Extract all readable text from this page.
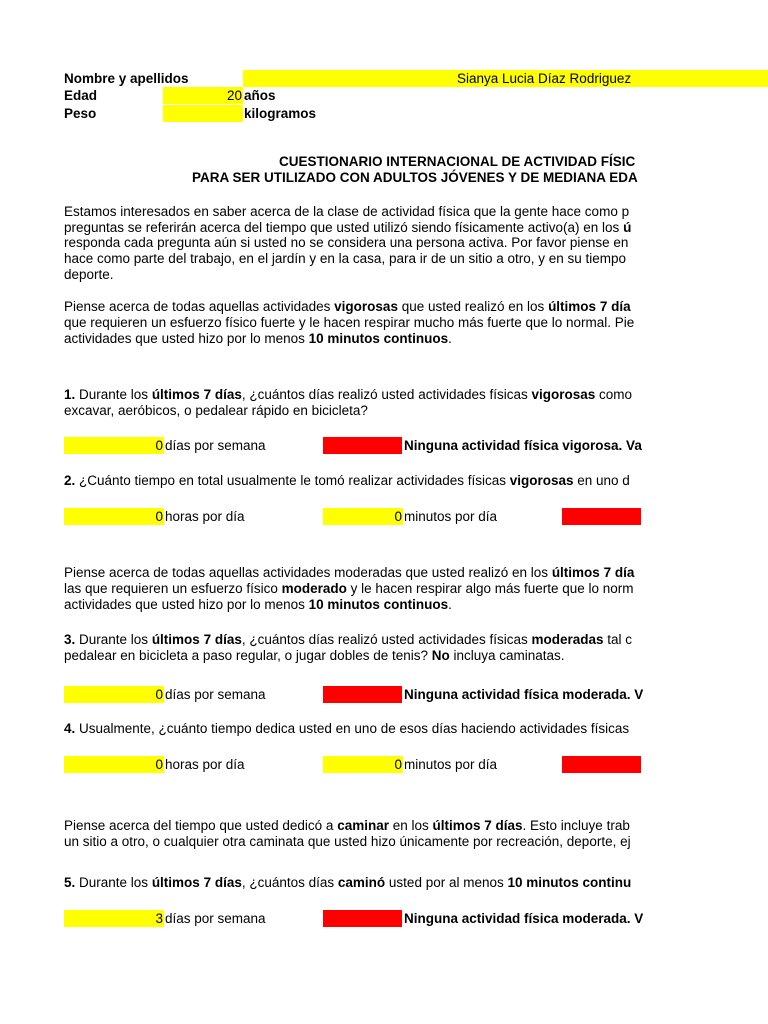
Nombre y apellidos	Sianya Lucia Díaz Rodriguez
Edad	20 años
Peso	kilogramos
CUESTIONARIO INTERNACIONAL DE ACTIVIDAD FÍSIC
PARA SER UTILIZADO CON ADULTOS JÓVENES Y DE MEDIANA EDA
Estamos interesados en saber acerca de la clase de actividad física que la gente hace como p
preguntas se referirán acerca del tiempo que usted utilizó siendo físicamente activo(a) en los ú
responda cada pregunta aún si usted no se considera una persona activa. Por favor piense en
hace como parte del trabajo, en el jardín y en la casa, para ir de un sitio a otro, y en su tiempo
deporte.
Piense acerca de todas aquellas actividades vigorosas que usted realizó en los últimos 7 día
que requieren un esfuerzo físico fuerte y le hacen respirar mucho más fuerte que lo normal. Pie
actividades que usted hizo por lo menos 10 minutos continuos.
1. Durante los últimos 7 días, ¿cuántos días realizó usted actividades físicas vigorosas como
excavar, aeróbicos, o pedalear rápido en bicicleta?
0 días por semana	Ninguna actividad física vigorosa. Va
2. ¿Cuánto tiempo en total usualmente le tomó realizar actividades físicas vigorosas en uno d
0 horas por día	0 minutos por día
Piense acerca de todas aquellas actividades moderadas que usted realizó en los últimos 7 día
las que requieren un esfuerzo físico moderado y le hacen respirar algo más fuerte que lo norm
actividades que usted hizo por lo menos 10 minutos continuos.
3. Durante los últimos 7 días, ¿cuántos días realizó usted actividades físicas moderadas tal c
pedalear en bicicleta a paso regular, o jugar dobles de tenis? No incluya caminatas.
0 días por semana	Ninguna actividad física moderada. V
4. Usualmente, ¿cuánto tiempo dedica usted en uno de esos días haciendo actividades físicas
0 horas por día	0 minutos por día
Piense acerca del tiempo que usted dedicó a caminar en los últimos 7 días. Esto incluye trab
un sitio a otro, o cualquier otra caminata que usted hizo únicamente por recreación, deporte, ej
5. Durante los últimos 7 días, ¿cuántos días caminó usted por al menos 10 minutos continu
3 días por semana	Ninguna actividad física moderada. V
